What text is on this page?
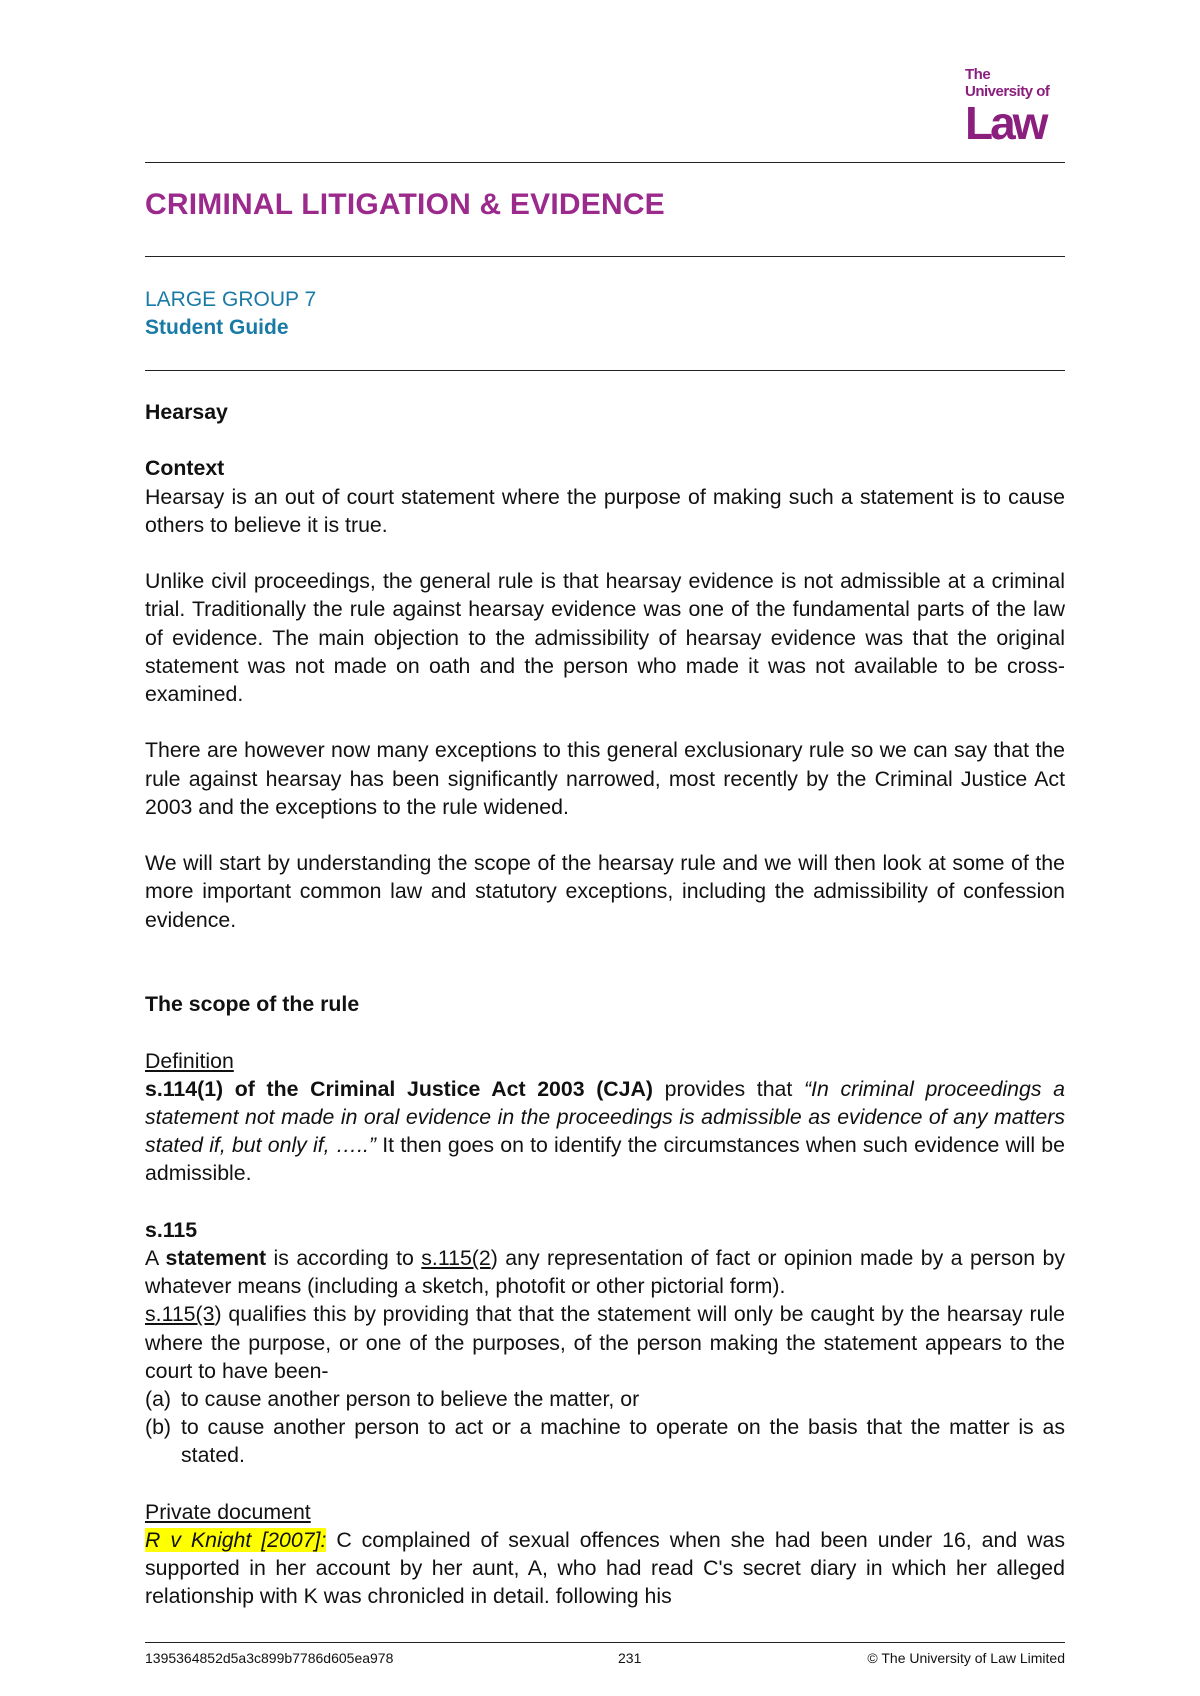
The
University of
Law
CRIMINAL LITIGATION & EVIDENCE
LARGE GROUP 7
Student Guide

Hearsay

Context

Hearsay is an out of court statement where the purpose of making such a statement is to cause others to believe it is true.

Unlike civil proceedings, the general rule is that hearsay evidence is not admissible at a criminal trial. Traditionally the rule against hearsay evidence was one of the fundamental parts of the law of evidence. The main objection to the admissibility of hearsay evidence was that the original statement was not made on oath and the person who made it was not available to be cross-examined.

There are however now many exceptions to this general exclusionary rule so we can say that the rule against hearsay has been significantly narrowed, most recently by the Criminal Justice Act 2003 and the exceptions to the rule widened.

We will start by understanding the scope of the hearsay rule and we will then look at some of the more important common law and statutory exceptions, including the admissibility of confession evidence.

The scope of the rule

Definition

s.114(1) of the Criminal Justice Act 2003 (CJA) provides that “In criminal proceedings a statement not made in oral evidence in the proceedings is admissible as evidence of any matters stated if, but only if, …..” It then goes on to identify the circumstances when such evidence will be admissible.

s.115

A statement is according to s.115(2) any representation of fact or opinion made by a person by whatever means (including a sketch, photofit or other pictorial form).

s.115(3) qualifies this by providing that that the statement will only be caught by the hearsay rule where the purpose, or one of the purposes, of the person making the statement appears to the court to have been-

(a) to cause another person to believe the matter, or
(b) to cause another person to act or a machine to operate on the basis that the matter is as stated.

Private document

R v Knight [2007]: C complained of sexual offences when she had been under 16, and was supported in her account by her aunt, A, who had read C's secret diary in which her alleged relationship with K was chronicled in detail. following his

1395364852d5a3c899b7786d605ea978	231	© The University of Law Limited
